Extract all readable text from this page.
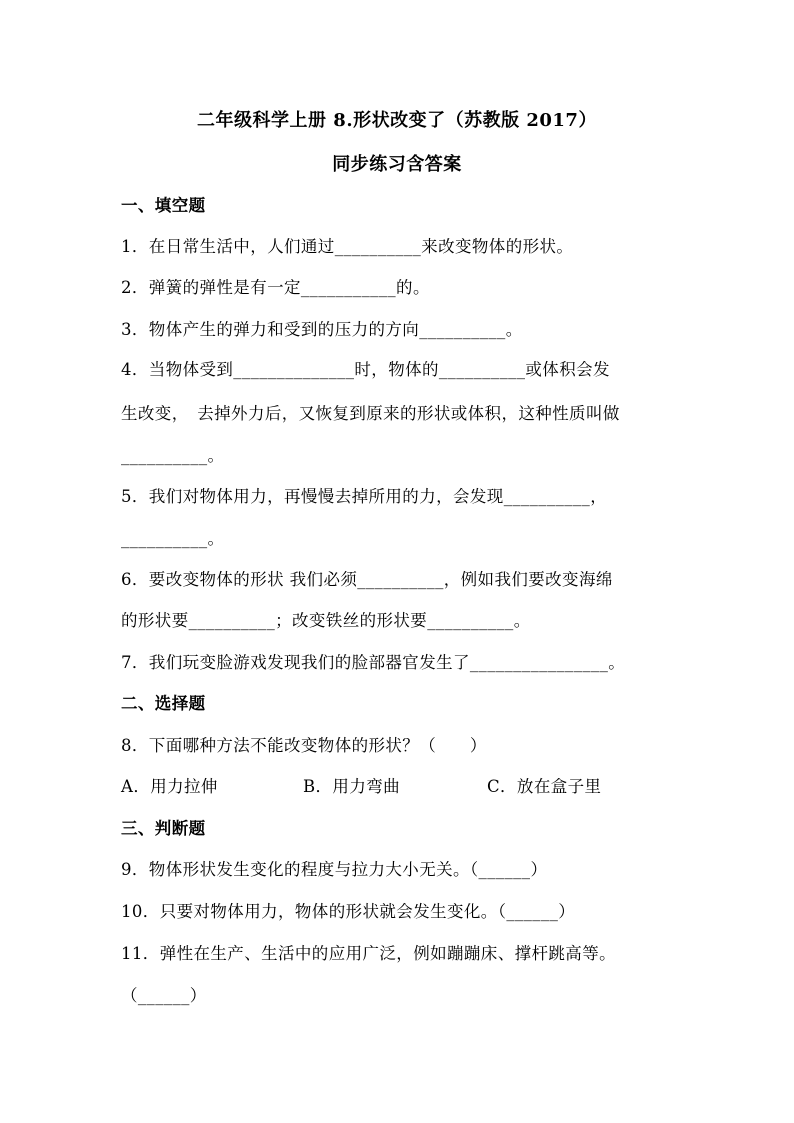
二年级科学上册 8.形状改变了（苏教版 2017）
同步练习含答案
一、填空题
1．在日常生活中，人们通过__________来改变物体的形状。
2．弹簧的弹性是有一定___________的。
3．物体产生的弹力和受到的压力的方向__________。
4．当物体受到______________时，物体的__________或体积会发
生改变，　去掉外力后，又恢复到原来的形状或体积，这种性质叫做
__________。
5．我们对物体用力，再慢慢去掉所用的力，会发现__________，
__________。
6．要改变物体的形状 我们必须__________，例如我们要改变海绵
的形状要__________；改变铁丝的形状要__________。
7．我们玩变脸游戏发现我们的脸部器官发生了________________。
二、选择题
8．下面哪种方法不能改变物体的形状？（　　）
A．用力拉伸	B．用力弯曲	C．放在盒子里
三、判断题
9．物体形状发生变化的程度与拉力大小无关。（______）
10．只要对物体用力，物体的形状就会发生变化。（______）
11．弹性在生产、生活中的应用广泛，例如蹦蹦床、撑杆跳高等。
（______）
